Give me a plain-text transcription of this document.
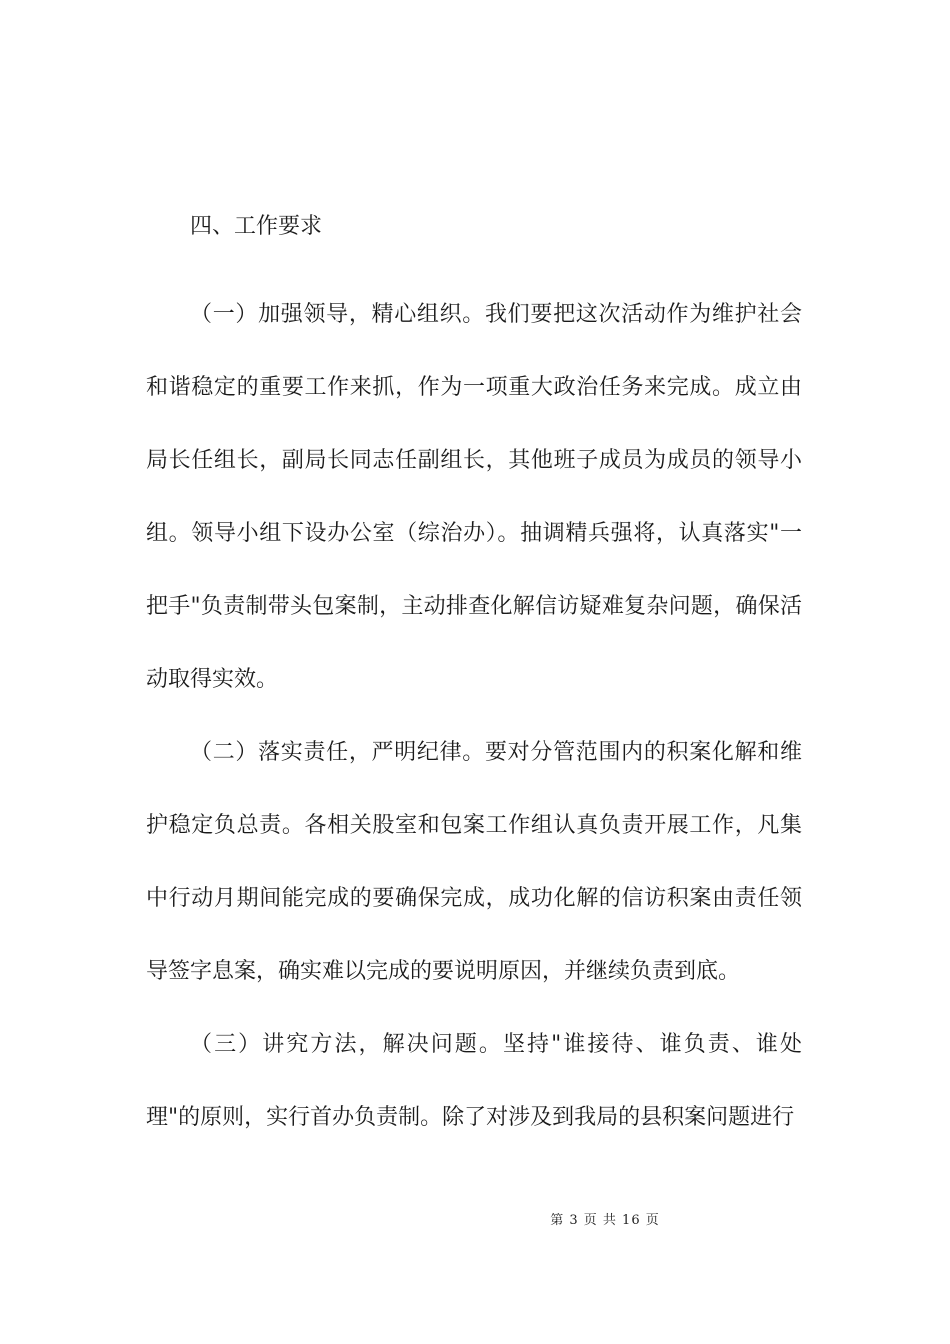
四、工作要求

（一）加强领导，精心组织。我们要把这次活动作为维护社会和谐稳定的重要工作来抓，作为一项重大政治任务来完成。成立由局长任组长，副局长同志任副组长，其他班子成员为成员的领导小组。领导小组下设办公室（综治办）。抽调精兵强将，认真落实"一把手"负责制带头包案制，主动排查化解信访疑难复杂问题，确保活动取得实效。

（二）落实责任，严明纪律。要对分管范围内的积案化解和维护稳定负总责。各相关股室和包案工作组认真负责开展工作，凡集中行动月期间能完成的要确保完成，成功化解的信访积案由责任领导签字息案，确实难以完成的要说明原因，并继续负责到底。

（三）讲究方法，解决问题。坚持"谁接待、谁负责、谁处理"的原则，实行首办负责制。除了对涉及到我局的县积案问题进行

第 3 页 共 16 页
